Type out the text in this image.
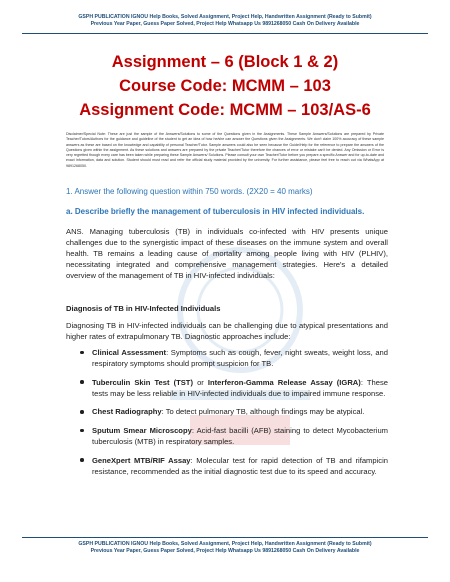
GSPH PUBLICATION IGNOU Help Books, Solved Assignment, Project Help, Handwritten Assignment (Ready to Submit)
Previous Year Paper, Guess Paper Solved, Project Help Whatsapp Us 9891268050 Cash On Delivery Available
Assignment – 6 (Block 1 & 2)
Course Code: MCMM – 103
Assignment Code: MCMM – 103/AS-6
Disclaimer/Special Note: These are just the sample of the Answers/Solutions to some of the Questions given in the Assignments. These Sample Answers/Solutions are prepared by Private Teacher/Tutors/Authors for the guidance and guideline of the student to get an idea of how he/she can answer the Questions given the Assignments. We don't claim 100% accuracy of these sample answers as these are based on the knowledge and capability of personal Teacher/Tutor. Sample answers could also be seen because the Guide/Help for the reference to prepare the answers of the Questions given within the assignment. As these solutions and answers are prepared by the private Teacher/Tutor therefore the chances of error or mistake can't be denied. Any Omission or Error is very regretted though every care has been taken while preparing these Sample Answers/ Solutions. Please consult your own Teacher/Tutor before you prepare a specific Answer and for up-to-date and exact information, data and solution. Student should must read and refer the official study material provided by the university. For further assistance, please feel free to reach out via WhatsApp at 9891268050.
1. Answer the following question within 750 words. (2X20 = 40 marks)
a. Describe briefly the management of tuberculosis in HIV infected individuals.
ANS. Managing tuberculosis (TB) in individuals co-infected with HIV presents unique challenges due to the synergistic impact of these diseases on the immune system and overall health. TB remains a leading cause of mortality among people living with HIV (PLHIV), necessitating integrated and comprehensive management strategies. Here's a detailed overview of the management of TB in HIV-infected individuals:
Diagnosis of TB in HIV-Infected Individuals
Diagnosing TB in HIV-infected individuals can be challenging due to atypical presentations and higher rates of extrapulmonary TB. Diagnostic approaches include:
Clinical Assessment: Symptoms such as cough, fever, night sweats, weight loss, and respiratory symptoms should prompt suspicion for TB.
Tuberculin Skin Test (TST) or Interferon-Gamma Release Assay (IGRA): These tests may be less reliable in HIV-infected individuals due to impaired immune response.
Chest Radiography: To detect pulmonary TB, although findings may be atypical.
Sputum Smear Microscopy: Acid-fast bacilli (AFB) staining to detect Mycobacterium tuberculosis (MTB) in respiratory samples.
GeneXpert MTB/RIF Assay: Molecular test for rapid detection of TB and rifampicin resistance, recommended as the initial diagnostic test due to its speed and accuracy.
GSPH PUBLICATION IGNOU Help Books, Solved Assignment, Project Help, Handwritten Assignment (Ready to Submit)
Previous Year Paper, Guess Paper Solved, Project Help Whatsapp Us 9891268050 Cash On Delivery Available
